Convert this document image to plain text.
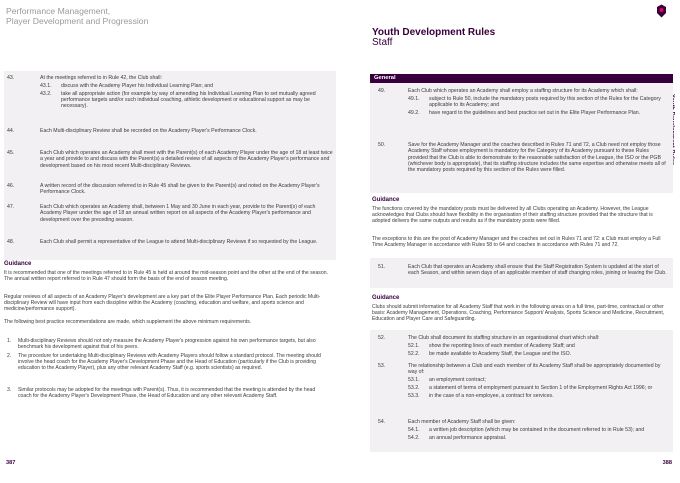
Performance Management,
Player Development and Progression
43.	At the meetings referred to in Rule 42, the Club shall:
43.1.	discuss with the Academy Player his Individual Learning Plan; and
43.2.	take all appropriate action (for example by way of amending his Individual Learning Plan to set mutually agreed performance targets and/or such individual coaching, athletic development or educational support as may be necessary).
44.	Each Multi-disciplinary Review shall be recorded on the Academy Player's Performance Clock.
45.	Each Club which operates an Academy shall meet with the Parent(s) of each Academy Player under the age of 18 at least twice a year and provide to and discuss with the Parent(s) a detailed review of all aspects of the Academy Player's performance and development based on his most recent Multi-disciplinary Reviews.
46.	A written record of the discussion referred to in Rule 45 shall be given to the Parent(s) and noted on the Academy Player's Performance Clock.
47.	Each Club which operates an Academy shall, between 1 May and 30 June in each year, provide to the Parent(s) of each Academy Player under the age of 18 an annual written report on all aspects of the Academy Player's performance and development over the preceding season.
48.	Each Club shall permit a representative of the League to attend Multi-disciplinary Reviews if so requested by the League.
Guidance
It is recommended that one of the meetings referred to in Rule 45 is held at around the mid-season point and the other at the end of the season. The annual written report referred to in Rule 47 should form the basis of the end of season meeting.
Regular reviews of all aspects of an Academy Player's development are a key part of the Elite Player Performance Plan. Each periodic Multi-disciplinary Review will have input from each discipline within the Academy (coaching, education and welfare, and sports science and medicine/performance support).
The following best practice recommendations are made, which supplement the above minimum requirements.
1.	Multi-disciplinary Reviews should not only measure the Academy Player's progression against his own performance targets, but also benchmark his development against that of his peers.
2.	The procedure for undertaking Multi-disciplinary Reviews with Academy Players should follow a standard protocol. The meeting should involve the head coach for the Academy Player's Development Phase and the Head of Education (particularly if the Club is providing education to the Academy Player), plus any other relevant Academy Staff (e.g. sports scientists) as required.
3.	Similar protocols may be adopted for the meetings with Parent(s). Thus, it is recommended that the meeting is attended by the head coach for the Academy Player's Development Phase, the Head of Education and any other relevant Academy Staff.
387
Youth Development Rules
Staff
General
49.	Each Club which operates an Academy shall employ a staffing structure for its Academy which shall:
49.1.	subject to Rule 50, include the mandatory posts required by this section of the Rules for the Category applicable to its Academy; and
49.2.	have regard to the guidelines and best practice set out in the Elite Player Performance Plan.
50.	Save for the Academy Manager and the coaches described in Rules 71 and 72, a Club need not employ those Academy Staff whose employment is mandatory for the Category of its Academy pursuant to these Rules provided that the Club is able to demonstrate to the reasonable satisfaction of the League, the ISO or the PGB (whichever body is appropriate), that its staffing structure includes the same expertise and otherwise meets all of the mandatory posts required by this section of the Rules were filled.
Guidance
The functions covered by the mandatory posts must be delivered by all Clubs operating an Academy. However, the League acknowledges that Clubs should have flexibility in the organisation of their staffing structure provided that the structure that is adopted delivers the same outputs and results as if the mandatory posts were filled.
The exceptions to this are the post of Academy Manager and the coaches set out in Rules 71 and 72: a Club must employ a Full Time Academy Manager in accordance with Rules 58 to 64 and coaches in accordance with Rules 71 and 72.
51.	Each Club that operates an Academy shall ensure that the Staff Registration System is updated at the start of each Season, and within seven days of an applicable member of staff changing roles, joining or leaving the Club.
Guidance
Clubs should submit information for all Academy Staff that work in the following areas on a full time, part-time, contractual or other basis: Academy Management, Operations, Coaching, Performance Support/ Analysis, Sports Science and Medicine, Recruitment, Education and Player Care and Safeguarding.
52.	The Club shall document its staffing structure in an organisational chart which shall:
52.1.	show the reporting lines of each member of Academy Staff; and
52.2.	be made available to Academy Staff, the League and the ISO.
53.	The relationship between a Club and each member of its Academy Staff shall be appropriately documented by way of:
53.1.	an employment contract;
53.2.	a statement of terms of employment pursuant to Section 1 of the Employment Rights Act 1996; or
53.3.	in the case of a non-employee, a contract for services.
54.	Each member of Academy Staff shall be given:
54.1.	a written job description (which may be contained in the document referred to in Rule 53); and
54.2.	an annual performance appraisal.
388
